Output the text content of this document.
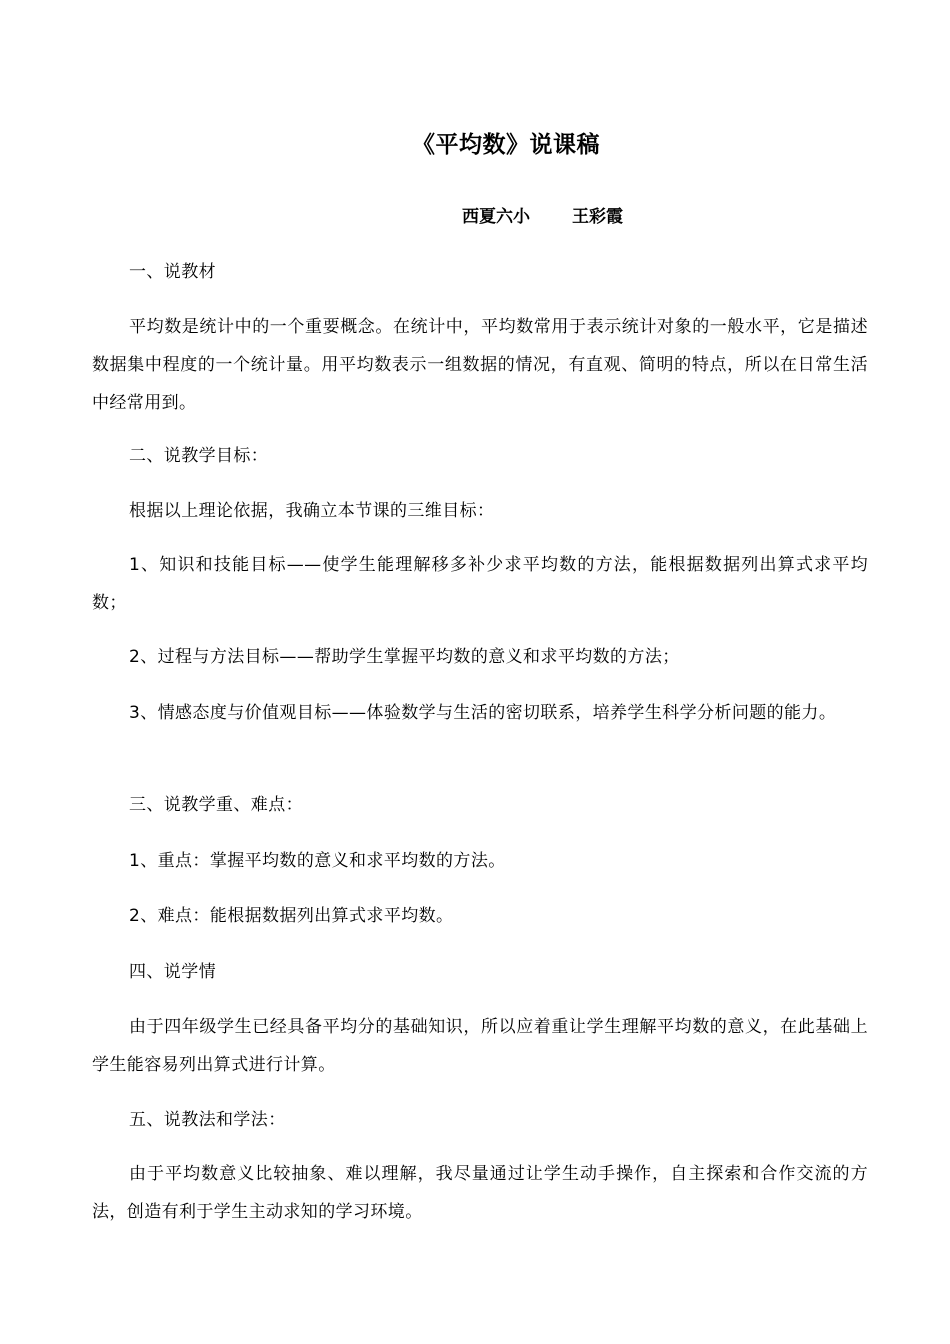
《平均数》说课稿
西夏六小 王彩霞

一、说教材

平均数是统计中的一个重要概念。在统计中，平均数常用于表示统计对象的一般水平，它是描述数据集中程度的一个统计量。用平均数表示一组数据的情况，有直观、简明的特点，所以在日常生活中经常用到。

二、说教学目标：

根据以上理论依据，我确立本节课的三维目标：

1、知识和技能目标——使学生能理解移多补少求平均数的方法，能根据数据列出算式求平均数；

2、过程与方法目标——帮助学生掌握平均数的意义和求平均数的方法；

3、情感态度与价值观目标——体验数学与生活的密切联系，培养学生科学分析问题的能力。

三、说教学重、难点：

1、重点：掌握平均数的意义和求平均数的方法。

2、难点：能根据数据列出算式求平均数。

四、说学情

由于四年级学生已经具备平均分的基础知识，所以应着重让学生理解平均数的意义，在此基础上学生能容易列出算式进行计算。

五、说教法和学法：

由于平均数意义比较抽象、难以理解，我尽量通过让学生动手操作，自主探索和合作交流的方法，创造有利于学生主动求知的学习环境。
